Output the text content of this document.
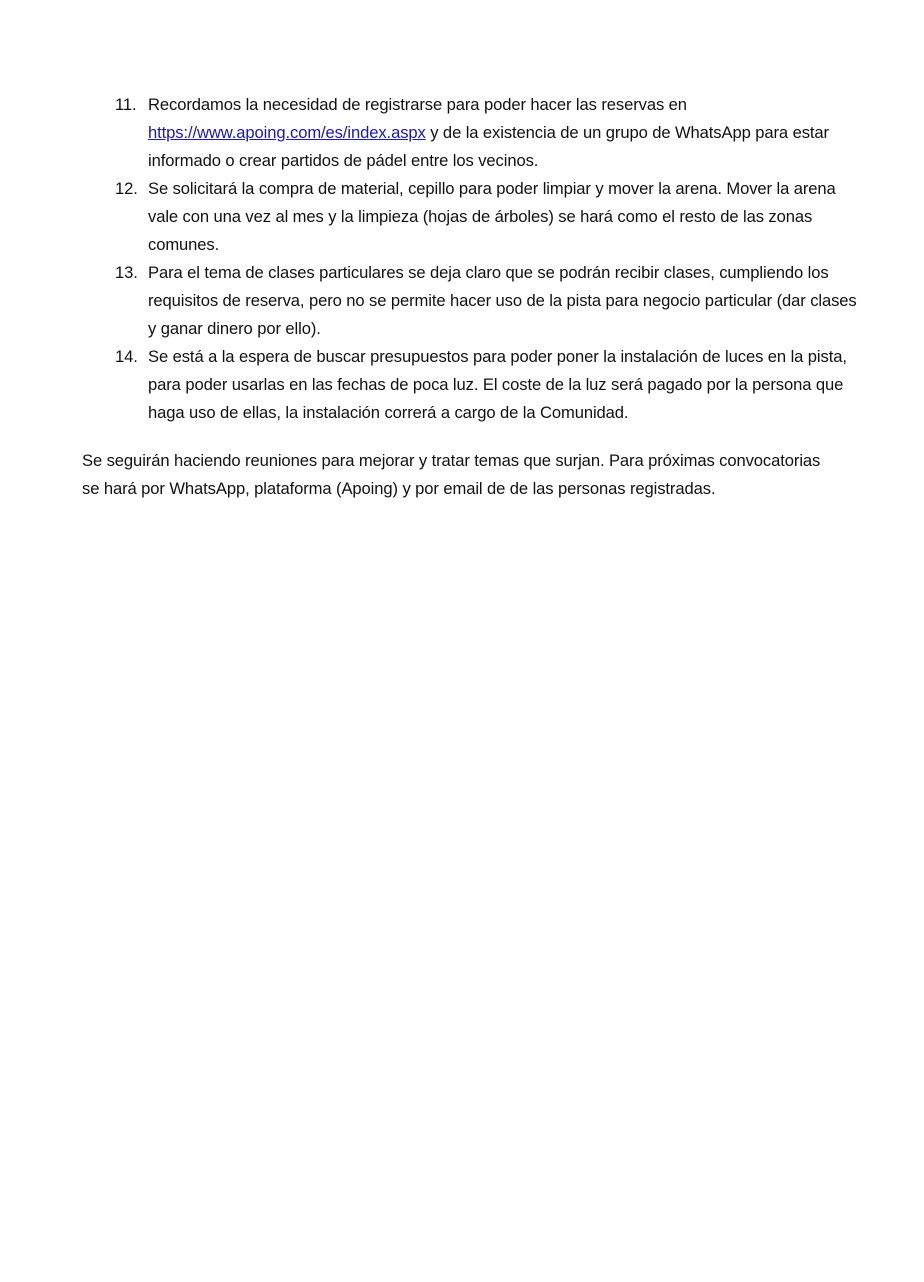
11. Recordamos la necesidad de registrarse para poder hacer las reservas en https://www.apoing.com/es/index.aspx y de la existencia de un grupo de WhatsApp para estar informado o crear partidos de pádel entre los vecinos.
12. Se solicitará la compra de material, cepillo para poder limpiar y mover la arena. Mover la arena vale con una vez al mes y la limpieza (hojas de árboles) se hará como el resto de las zonas comunes.
13. Para el tema de clases particulares se deja claro que se podrán recibir clases, cumpliendo los requisitos de reserva, pero no se permite hacer uso de la pista para negocio particular (dar clases y ganar dinero por ello).
14. Se está a la espera de buscar presupuestos para poder poner la instalación de luces en la pista, para poder usarlas en las fechas de poca luz. El coste de la luz será pagado por la persona que haga uso de ellas, la instalación correrá a cargo de la Comunidad.

Se seguirán haciendo reuniones para mejorar y tratar temas que surjan. Para próximas convocatorias se hará por WhatsApp, plataforma (Apoing) y por email de de las personas registradas.
